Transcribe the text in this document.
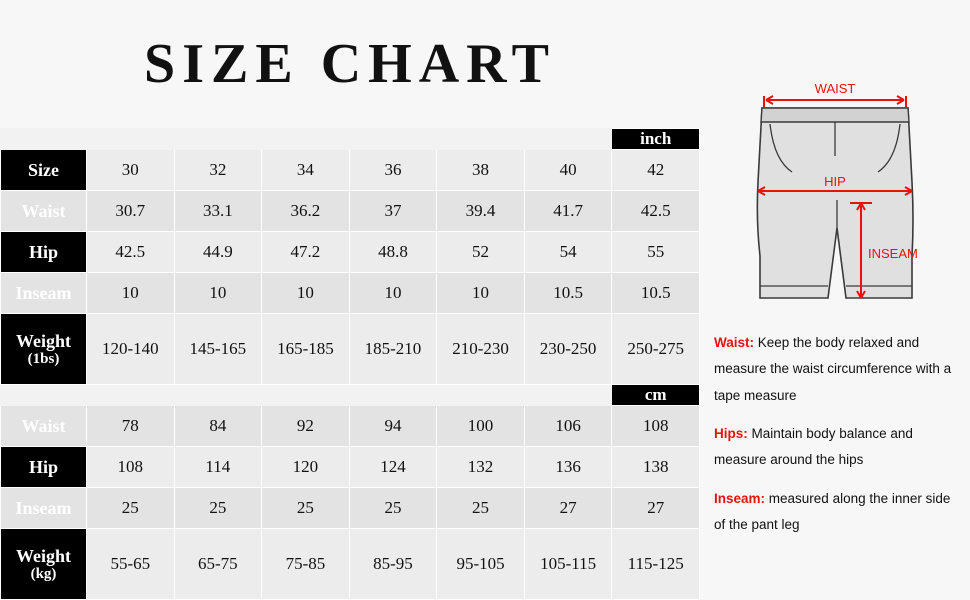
SIZE CHART
							inch
Size	30	32	34	36	38	40	42
Waist	30.7	33.1	36.2	37	39.4	41.7	42.5
Hip	42.5	44.9	47.2	48.8	52	54	55
Inseam	10	10	10	10	10	10.5	10.5
Weight
(1bs)	120-140	145-165	165-185	185-210	210-230	230-250	250-275
							cm
Waist	78	84	92	94	100	106	108
Hip	108	114	120	124	132	136	138
Inseam	25	25	25	25	25	27	27
Weight
(kg)	55-65	65-75	75-85	85-95	95-105	105-115	115-125
WAIST
HIP
INSEAM
Waist: Keep the body relaxed and measure the waist circumference with a tape measure
Hips: Maintain body balance and measure around the hips
Inseam: measured along the inner side of the pant leg
